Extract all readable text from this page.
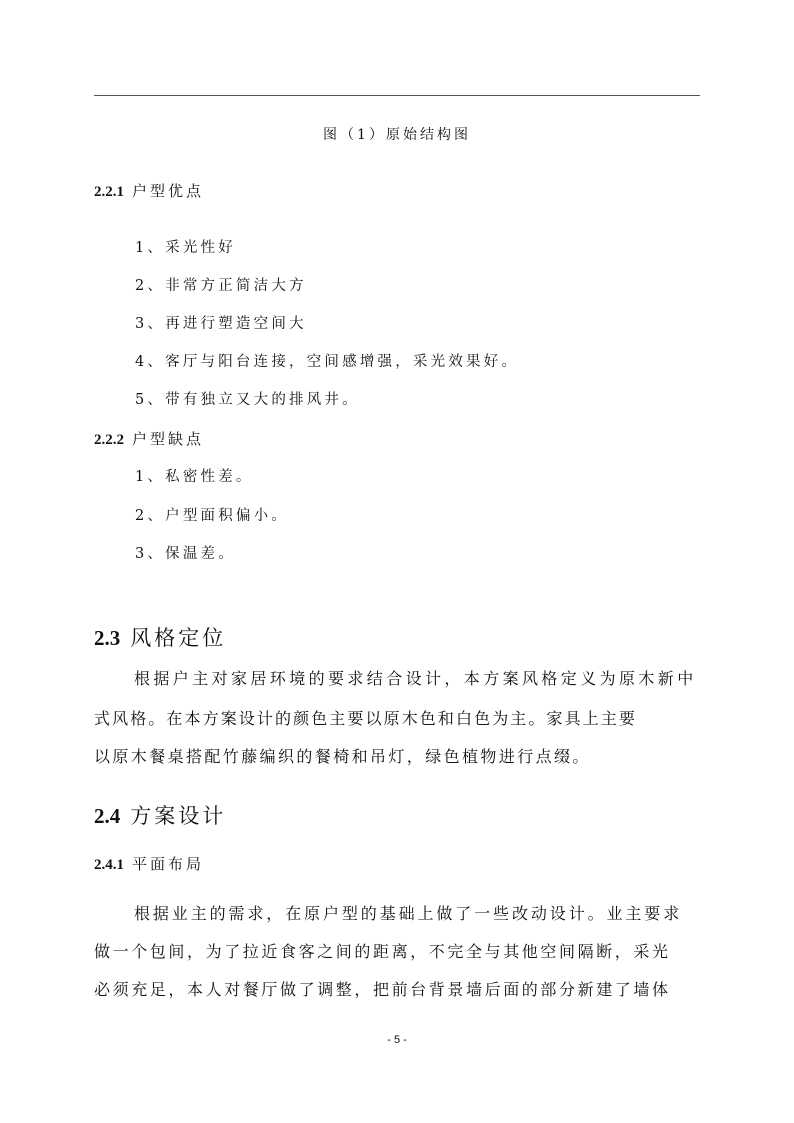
图（1）原始结构图
2.2.1 户型优点
1、采光性好
2、非常方正简洁大方
3、再进行塑造空间大
4、客厅与阳台连接，空间感增强，采光效果好。
5、带有独立又大的排风井。
2.2.2 户型缺点
1、私密性差。
2、户型面积偏小。
3、保温差。
2.3 风格定位
根据户主对家居环境的要求结合设计，本方案风格定义为原木新中
式风格。在本方案设计的颜色主要以原木色和白色为主。家具上主要
以原木餐桌搭配竹藤编织的餐椅和吊灯，绿色植物进行点缀。
2.4 方案设计
2.4.1 平面布局
根据业主的需求，在原户型的基础上做了一些改动设计。业主要求
做一个包间，为了拉近食客之间的距离，不完全与其他空间隔断，采光
必须充足，本人对餐厅做了调整，把前台背景墙后面的部分新建了墙体
- 5 -
